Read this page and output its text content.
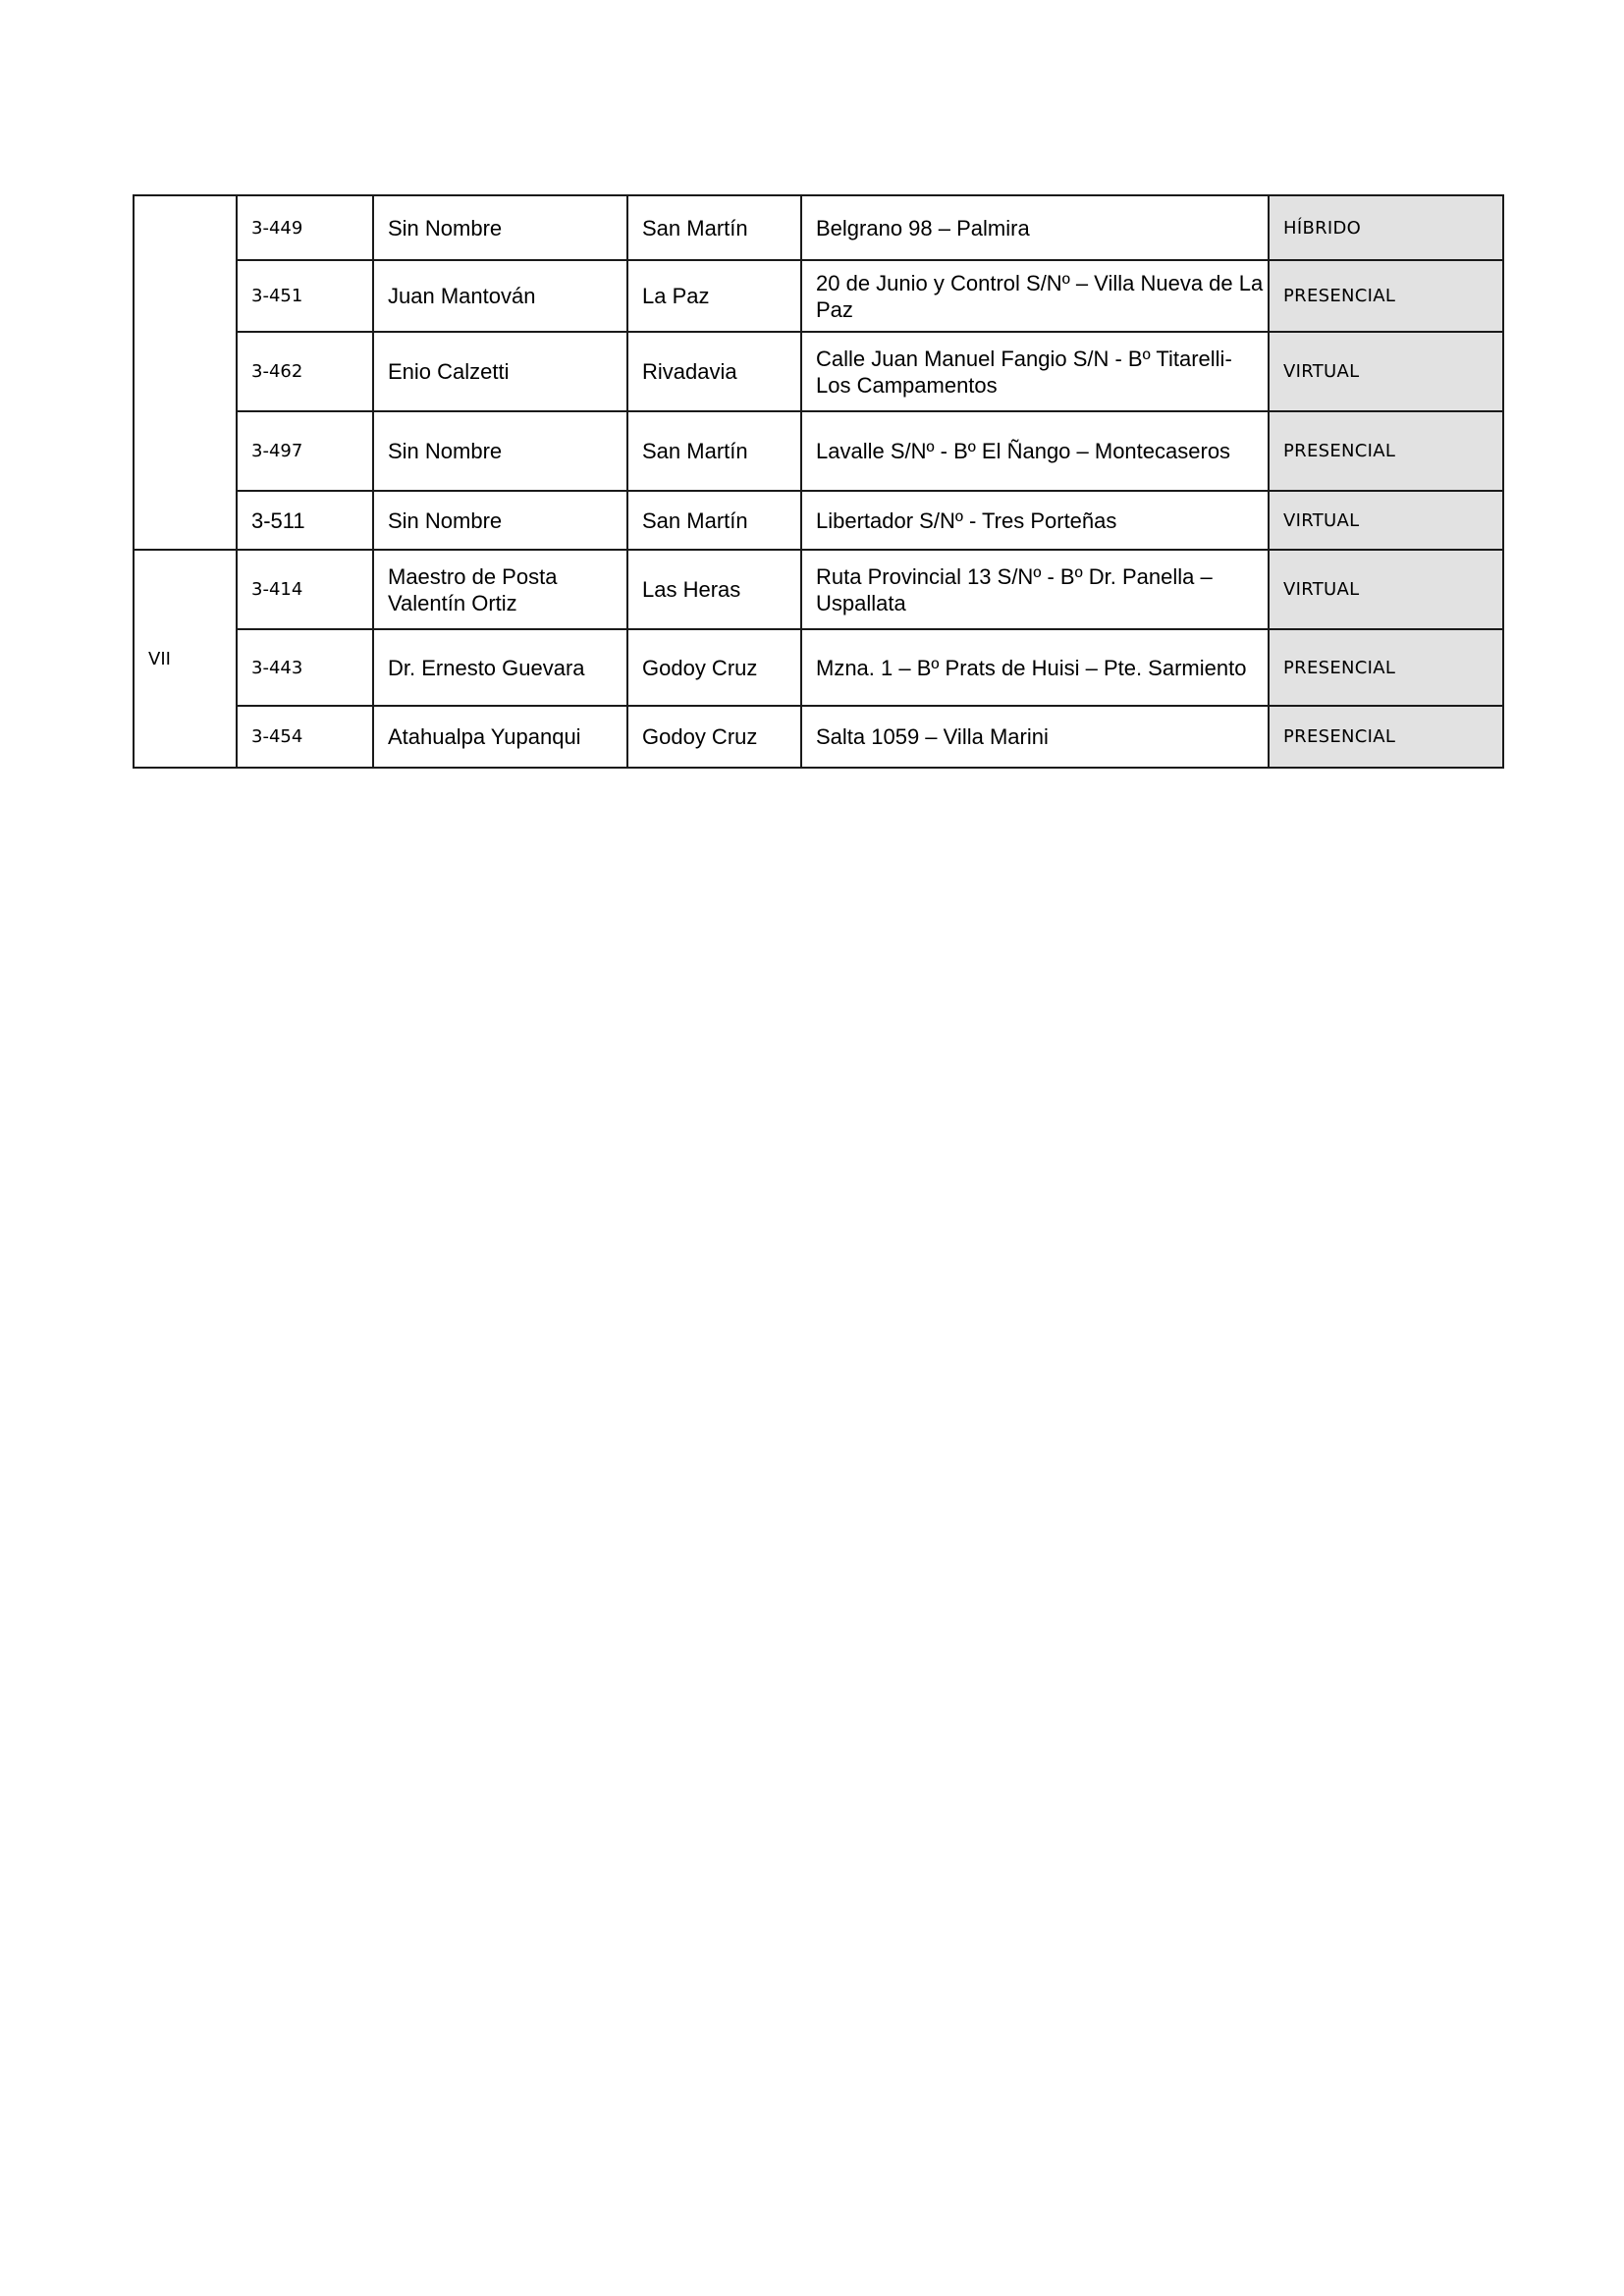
	3-449	Sin Nombre	San Martín	Belgrano 98 – Palmira	HÍBRIDO
	3-451	Juan Mantován	La Paz	20 de Junio y Control S/Nº – Villa Nueva de La Paz	PRESENCIAL
	3-462	Enio Calzetti	Rivadavia	Calle Juan Manuel Fangio S/N - Bº Titarelli- Los Campamentos	VIRTUAL
	3-497	Sin Nombre	San Martín	Lavalle S/Nº - Bº El Ñango – Montecaseros	PRESENCIAL
	3-511	Sin Nombre	San Martín	Libertador S/Nº - Tres Porteñas	VIRTUAL
VII	3-414	Maestro de Posta Valentín Ortiz	Las Heras	Ruta Provincial 13 S/Nº - Bº Dr. Panella – Uspallata	VIRTUAL
	3-443	Dr. Ernesto Guevara	Godoy Cruz	Mzna. 1 – Bº Prats de Huisi – Pte. Sarmiento	PRESENCIAL
	3-454	Atahualpa Yupanqui	Godoy Cruz	Salta 1059 – Villa Marini	PRESENCIAL
